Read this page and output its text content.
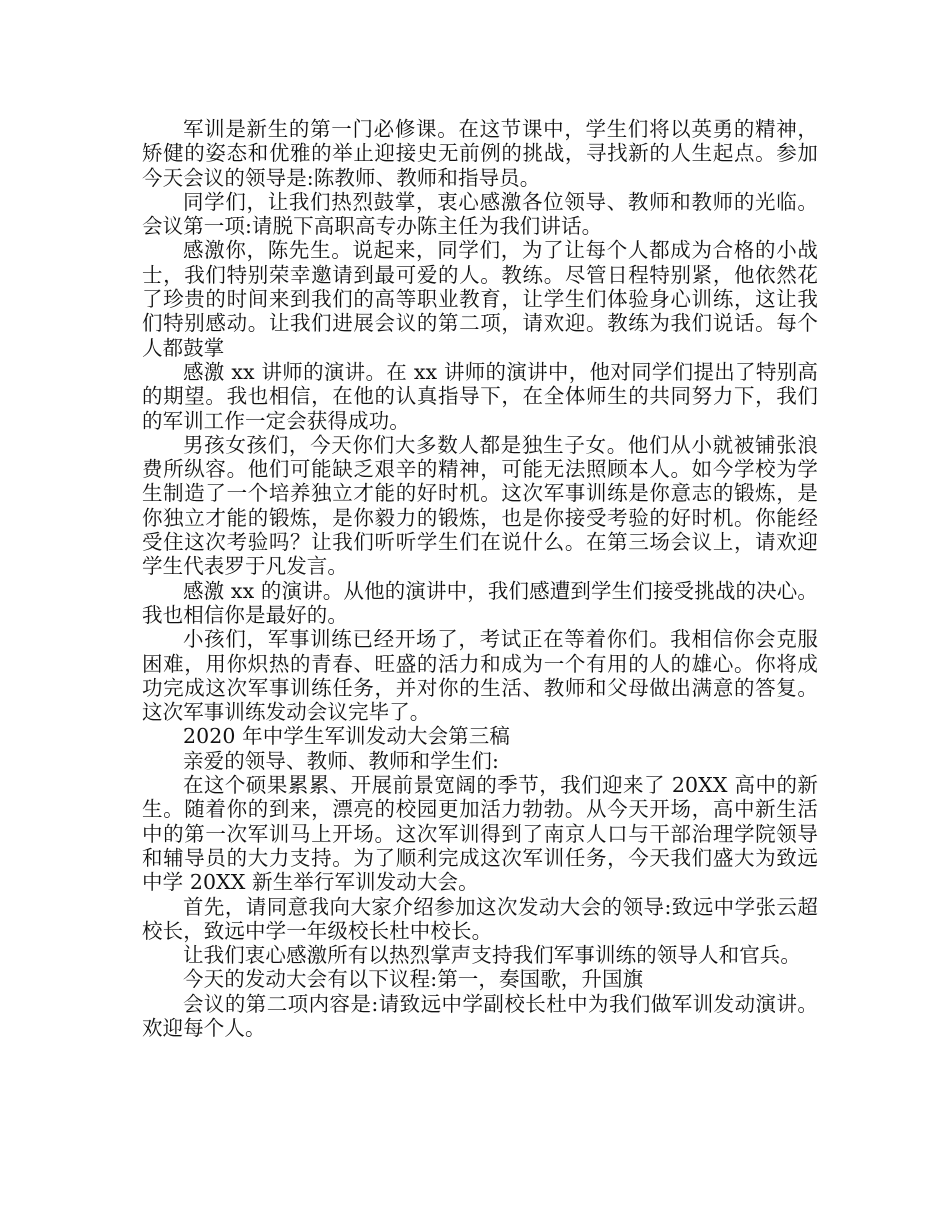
军训是新生的第一门必修课。在这节课中，学生们将以英勇的精神，矫健的姿态和优雅的举止迎接史无前例的挑战，寻找新的人生起点。参加今天会议的领导是:陈教师、教师和指导员。

同学们，让我们热烈鼓掌，衷心感激各位领导、教师和教师的光临。会议第一项:请脱下高职高专办陈主任为我们讲话。

感激你，陈先生。说起来，同学们，为了让每个人都成为合格的小战士，我们特别荣幸邀请到最可爱的人。教练。尽管日程特别紧，他依然花了珍贵的时间来到我们的高等职业教育，让学生们体验身心训练，这让我们特别感动。让我们进展会议的第二项，请欢迎。教练为我们说话。每个人都鼓掌

感激 xx 讲师的演讲。在 xx 讲师的演讲中，他对同学们提出了特别高的期望。我也相信，在他的认真指导下，在全体师生的共同努力下，我们的军训工作一定会获得成功。

男孩女孩们，今天你们大多数人都是独生子女。他们从小就被铺张浪费所纵容。他们可能缺乏艰辛的精神，可能无法照顾本人。如今学校为学生制造了一个培养独立才能的好时机。这次军事训练是你意志的锻炼，是你独立才能的锻炼，是你毅力的锻炼，也是你接受考验的好时机。你能经受住这次考验吗？让我们听听学生们在说什么。在第三场会议上，请欢迎学生代表罗于凡发言。

感激 xx 的演讲。从他的演讲中，我们感遭到学生们接受挑战的决心。我也相信你是最好的。

小孩们，军事训练已经开场了，考试正在等着你们。我相信你会克服困难，用你炽热的青春、旺盛的活力和成为一个有用的人的雄心。你将成功完成这次军事训练任务，并对你的生活、教师和父母做出满意的答复。这次军事训练发动会议完毕了。

2020 年中学生军训发动大会第三稿

亲爱的领导、教师、教师和学生们:

在这个硕果累累、开展前景宽阔的季节，我们迎来了 20XX 高中的新生。随着你的到来，漂亮的校园更加活力勃勃。从今天开场，高中新生活中的第一次军训马上开场。这次军训得到了南京人口与干部治理学院领导和辅导员的大力支持。为了顺利完成这次军训任务，今天我们盛大为致远中学 20XX 新生举行军训发动大会。

首先，请同意我向大家介绍参加这次发动大会的领导:致远中学张云超校长，致远中学一年级校长杜中校长。

让我们衷心感激所有以热烈掌声支持我们军事训练的领导人和官兵。

今天的发动大会有以下议程:第一，奏国歌，升国旗

会议的第二项内容是:请致远中学副校长杜中为我们做军训发动演讲。欢迎每个人。
